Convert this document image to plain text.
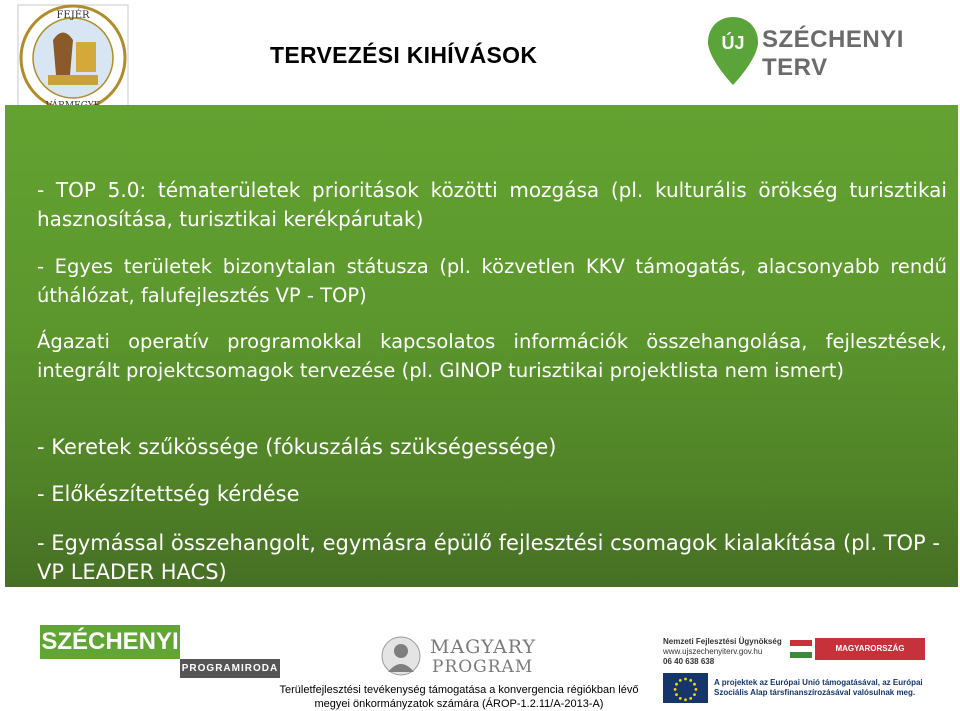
FEJÉR
TERVEZÉSI KIHÍVÁSOK	ÚJ SZÉCHENYI TERV
- TOP 5.0: tématerületek prioritások közötti mozgása (pl. kulturális örökség turisztikai hasznosítása, turisztikai kerékpárutak)
- Egyes területek bizonytalan státusza (pl. közvetlen KKV támogatás, alacsonyabb rendű úthálózat, falufejlesztés VP - TOP)
Ágazati operatív programokkal kapcsolatos információk összehangolása, fejlesztések, integrált projektcsomagok tervezése (pl. GINOP turisztikai projektlista nem ismert)
- Keretek szűkössége (fókuszálás szükségessége)
- Előkészítettség kérdése
- Egymással összehangolt, egymásra épülő fejlesztési csomagok kialakítása (pl. TOP - VP LEADER HACS)
SZÉCHENYI
PROGRAMIRODA
MAGYARY
PROGRAM
Területfejlesztési tevékenység támogatása a konvergencia régiókban lévő
megyei önkormányzatok számára (ÁROP-1.2.11/A-2013-A)
Nemzeti Fejlesztési Ügynökség
www.ujszechenyiterv.gov.hu
06 40 638 638
MAGYARORSZÁG MEGÚJUL
A projektek az Európai Unió támogatásával, az Európai
Szociális Alap társfinanszírozásával valósulnak meg.
